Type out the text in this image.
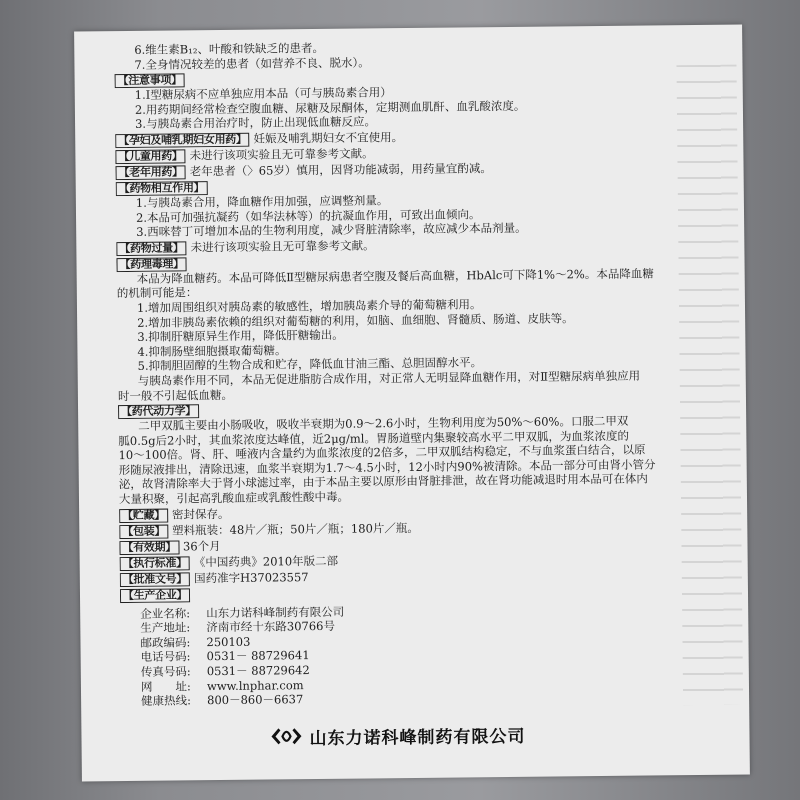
6.维生素B₁₂、叶酸和铁缺乏的患者。
7.全身情况较差的患者（如营养不良、脱水）。
【注意事项】
1.Ⅰ型糖尿病不应单独应用本品（可与胰岛素合用）
2.用药期间经常检查空腹血糖、尿糖及尿酮体，定期测血肌酐、血乳酸浓度。
3.与胰岛素合用治疗时，防止出现低血糖反应。
【孕妇及哺乳期妇女用药】 妊娠及哺乳期妇女不宜使用。
【儿童用药】 未进行该项实验且无可靠参考文献。
【老年用药】 老年患者（〉65岁）慎用，因肾功能减弱，用药量宜酌减。
【药物相互作用】
1.与胰岛素合用，降血糖作用加强，应调整剂量。
2.本品可加强抗凝药（如华法林等）的抗凝血作用，可致出血倾向。
3.西咪替丁可增加本品的生物利用度，减少肾脏清除率，故应减少本品剂量。
【药物过量】 未进行该项实验且无可靠参考文献。
【药理毒理】
本品为降血糖药。本品可降低Ⅱ型糖尿病患者空腹及餐后高血糖，HbAlc可下降1%～2%。本品降血糖
的机制可能是：
1.增加周围组织对胰岛素的敏感性，增加胰岛素介导的葡萄糖利用。
2.增加非胰岛素依赖的组织对葡萄糖的利用，如脑、血细胞、肾髓质、肠道、皮肤等。
3.抑制肝糖原异生作用，降低肝糖输出。
4.抑制肠壁细胞摄取葡萄糖。
5.抑制胆固醇的生物合成和贮存，降低血甘油三酯、总胆固醇水平。
与胰岛素作用不同，本品无促进脂肪合成作用，对正常人无明显降血糖作用，对Ⅱ型糖尿病单独应用
时一般不引起低血糖。
【药代动力学】
二甲双胍主要由小肠吸收，吸收半衰期为0.9～2.6小时，生物利用度为50%～60%。口服二甲双
胍0.5g后2小时，其血浆浓度达峰值，近2μg/ml。胃肠道壁内集聚较高水平二甲双胍，为血浆浓度的
10～100倍。肾、肝、唾液内含量约为血浆浓度的2倍多，二甲双胍结构稳定，不与血浆蛋白结合，以原
形随尿液排出，清除迅速，血浆半衰期为1.7～4.5小时，12小时内90%被清除。本品一部分可由肾小管分
泌，故肾清除率大于肾小球滤过率，由于本品主要以原形由肾脏排泄，故在肾功能减退时用本品可在体内
大量积聚，引起高乳酸血症或乳酸性酸中毒。
【贮藏】 密封保存。
【包装】 塑料瓶装：48片／瓶；50片／瓶；180片／瓶。
【有效期】 36个月
【执行标准】 《中国药典》2010年版二部
【批准文号】 国药准字H37023557
【生产企业】
企业名称:	山东力诺科峰制药有限公司
生产地址:	济南市经十东路30766号
邮政编码:	250103
电话号码:	0531－ 88729641
传真号码:	0531－ 88729642
网　　址:	www.lnphar.com
健康热线:	800－860－6637
山东力诺科峰制药有限公司
